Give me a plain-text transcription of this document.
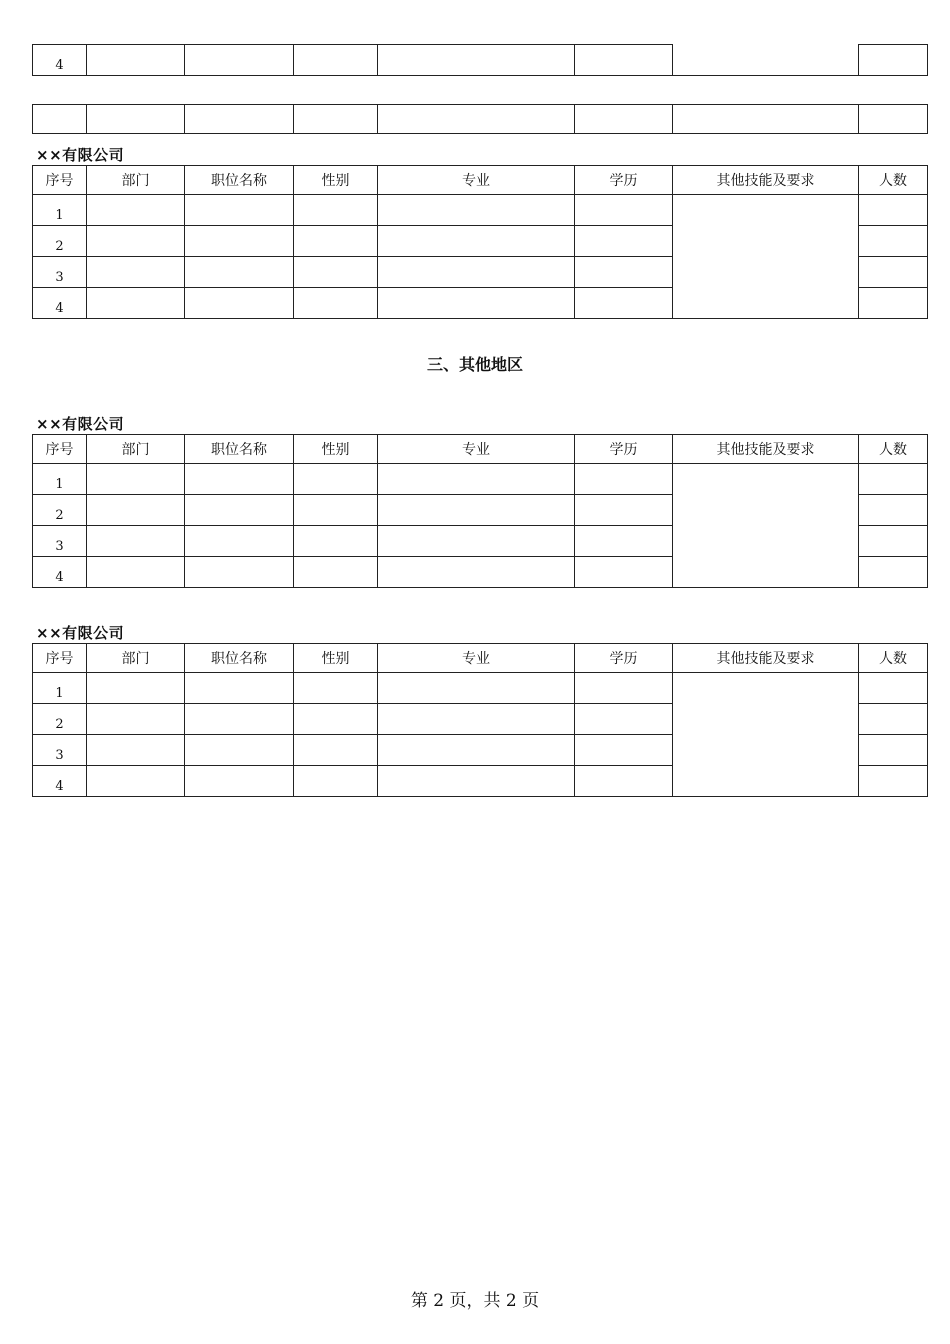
4							

××有限公司
序号	部门	职位名称	性别	专业	学历	其他技能及要求	人数
1							
2							
3							
4							
三、其他地区
××有限公司
序号	部门	职位名称	性别	专业	学历	其他技能及要求	人数
1							
2							
3							
4							
××有限公司
序号	部门	职位名称	性别	专业	学历	其他技能及要求	人数
1							
2							
3							
4							
第 2 页，共 2 页
